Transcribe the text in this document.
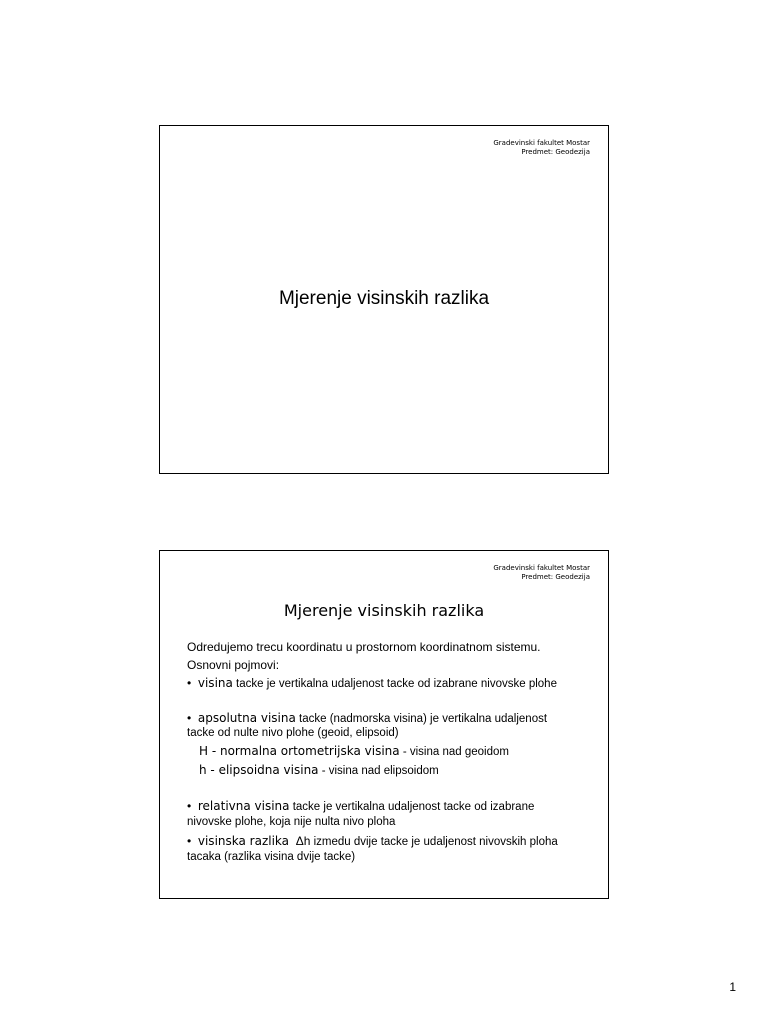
Gradevinski fakultet Mostar
Predmet: Geodezija
Mjerenje visinskih razlika
Gradevinski fakultet Mostar
Predmet: Geodezija
Mjerenje visinskih razlika
Odredujemo trecu koordinatu u prostornom koordinatnom sistemu.
Osnovni pojmovi:
• visina tacke je vertikalna udaljenost tacke od izabrane nivovske plohe
• apsolutna visina tacke (nadmorska visina) je vertikalna udaljenost
tacke od nulte nivo plohe (geoid, elipsoid)
H - normalna ortometrijska visina - visina nad geoidom
h - elipsoidna visina - visina nad elipsoidom
• relativna visina tacke je vertikalna udaljenost tacke od izabrane
nivovske plohe, koja nije nulta nivo ploha
• visinska razlika Δh izmedu dvije tacke je udaljenost nivovskih ploha
tacaka (razlika visina dvije tacke)
1
